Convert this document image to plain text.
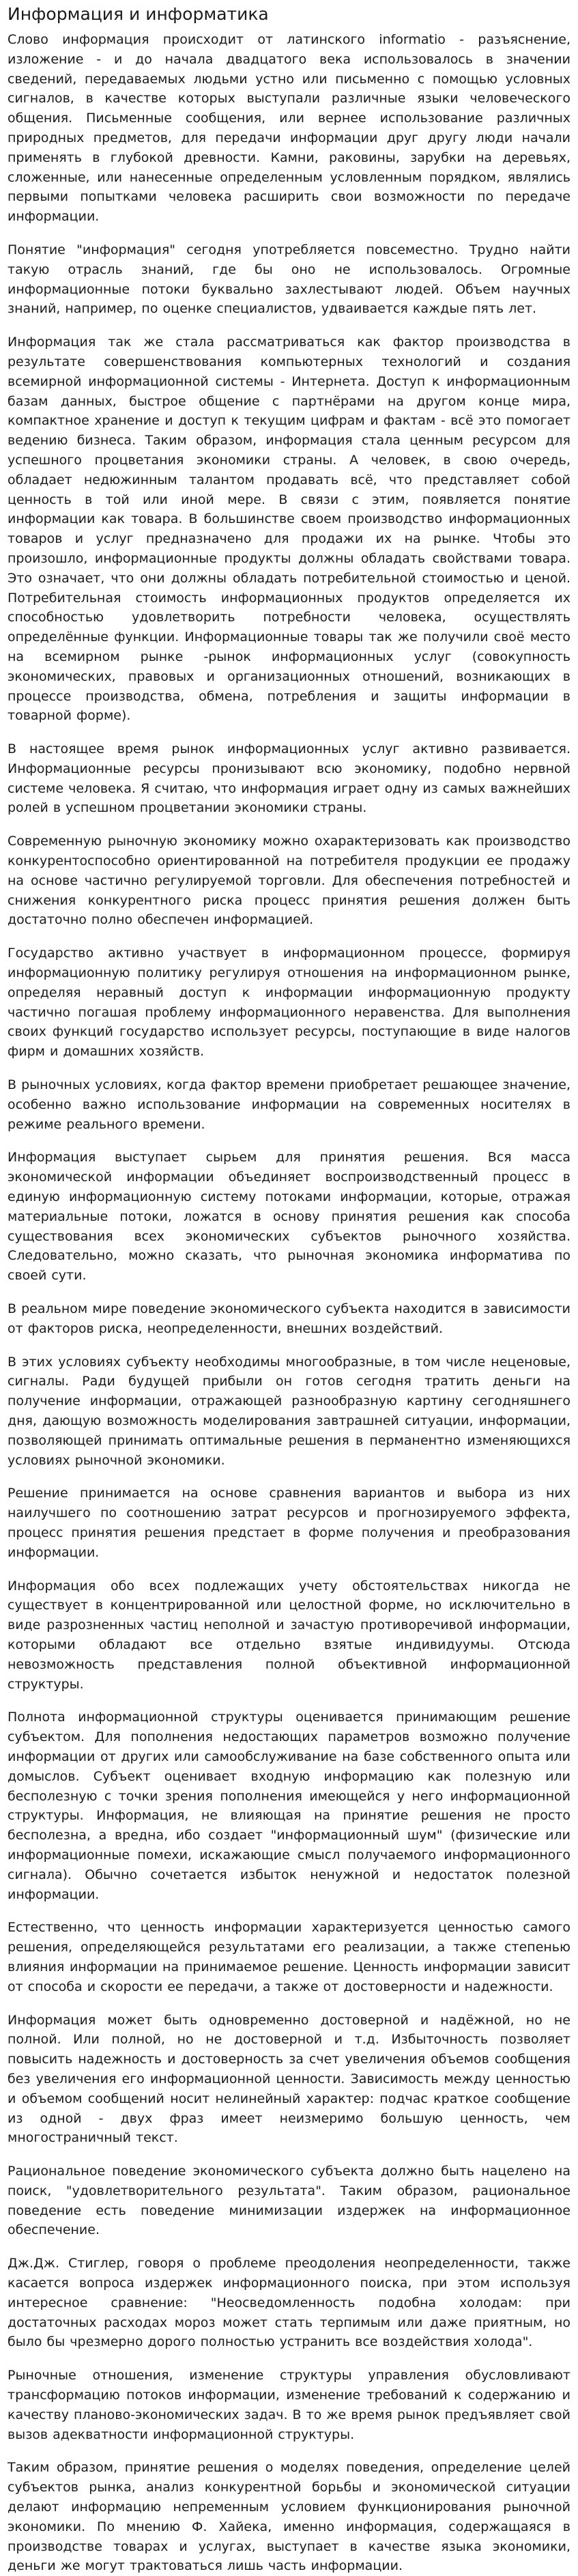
Информация и информатика

Слово информация происходит от латинского informatio - разъяснение, изложение - и до начала двадцатого века использовалось в значении сведений, передаваемых людьми устно или письменно с помощью условных сигналов, в качестве которых выступали различные языки человеческого общения. Письменные сообщения, или вернее использование различных природных предметов, для передачи информации друг другу люди начали применять в глубокой древности. Камни, раковины, зарубки на деревьях, сложенные, или нанесенные определенным условленным порядком, являлись первыми попытками человека расширить свои возможности по передаче информации.

Понятие "информация" сегодня употребляется повсеместно. Трудно найти такую отрасль знаний, где бы оно не использовалось. Огромные информационные потоки буквально захлестывают людей. Объем научных знаний, например, по оценке специалистов, удваивается каждые пять лет.

Информация так же стала рассматриваться как фактор производства в результате совершенствования компьютерных технологий и создания всемирной информационной системы - Интернета. Доступ к информационным базам данных, быстрое общение с партнёрами на другом конце мира, компактное хранение и доступ к текущим цифрам и фактам - всё это помогает ведению бизнеса. Таким образом, информация стала ценным ресурсом для успешного процветания экономики страны. А человек, в свою очередь, обладает недюжинным талантом продавать всё, что представляет собой ценность в той или иной мере. В связи с этим, появляется понятие информации как товара. В большинстве своем производство информационных товаров и услуг предназначено для продажи их на рынке. Чтобы это произошло, информационные продукты должны обладать свойствами товара. Это означает, что они должны обладать потребительной стоимостью и ценой. Потребительная стоимость информационных продуктов определяется их способностью удовлетворить потребности человека, осуществлять определённые функции. Информационные товары так же получили своё место на всемирном рынке -рынок информационных услуг (совокупность экономических, правовых и организационных отношений, возникающих в процессе производства, обмена, потребления и защиты информации в товарной форме).

В настоящее время рынок информационных услуг активно развивается. Информационные ресурсы пронизывают всю экономику, подобно нервной системе человека. Я считаю, что информация играет одну из самых важнейших ролей в успешном процветании экономики страны.

Современную рыночную экономику можно охарактеризовать как производство конкурентоспособно ориентированной на потребителя продукции ее продажу на основе частично регулируемой торговли. Для обеспечения потребностей и снижения конкурентного риска процесс принятия решения должен быть достаточно полно обеспечен информацией.

Государство активно участвует в информационном процессе, формируя информационную политику регулируя отношения на информационном рынке, определяя неравный доступ к информации информационную продукту частично погашая проблему информационного неравенства. Для выполнения своих функций государство использует ресурсы, поступающие в виде налогов фирм и домашних хозяйств.

В рыночных условиях, когда фактор времени приобретает решающее значение, особенно важно использование информации на современных носителях в режиме реального времени.

Информация выступает сырьем для принятия решения. Вся масса экономической информации объединяет воспроизводственный процесс в единую информационную систему потоками информации, которые, отражая материальные потоки, ложатся в основу принятия решения как способа существования всех экономических субъектов рыночного хозяйства. Следовательно, можно сказать, что рыночная экономика информатива по своей сути.

В реальном мире поведение экономического субъекта находится в зависимости от факторов риска, неопределенности, внешних воздействий.

В этих условиях субъекту необходимы многообразные, в том числе неценовые, сигналы. Ради будущей прибыли он готов сегодня тратить деньги на получение информации, отражающей разнообразную картину сегодняшнего дня, дающую возможность моделирования завтрашней ситуации, информации, позволяющей принимать оптимальные решения в перманентно изменяющихся условиях рыночной экономики.

Решение принимается на основе сравнения вариантов и выбора из них наилучшего по соотношению затрат ресурсов и прогнозируемого эффекта, процесс принятия решения предстает в форме получения и преобразования информации.

Информация обо всех подлежащих учету обстоятельствах никогда не существует в концентрированной или целостной форме, но исключительно в виде разрозненных частиц неполной и зачастую противоречивой информации, которыми обладают все отдельно взятые индивидуумы. Отсюда невозможность представления полной объективной информационной структуры.

Полнота информационной структуры оценивается принимающим решение субъектом. Для пополнения недостающих параметров возможно получение информации от других или самообслуживание на базе собственного опыта или домыслов. Субъект оценивает входную информацию как полезную или бесполезную с точки зрения пополнения имеющейся у него информационной структуры. Информация, не влияющая на принятие решения не просто бесполезна, а вредна, ибо создает "информационный шум" (физические или информационные помехи, искажающие смысл получаемого информационного сигнала). Обычно сочетается избыток ненужной и недостаток полезной информации.

Естественно, что ценность информации характеризуется ценностью самого решения, определяющейся результатами его реализации, а также степенью влияния информации на принимаемое решение. Ценность информации зависит от способа и скорости ее передачи, а также от достоверности и надежности.

Информация может быть одновременно достоверной и надёжной, но не полной. Или полной, но не достоверной и т.д. Избыточность позволяет повысить надежность и достоверность за счет увеличения объемов сообщения без увеличения его информационной ценности. Зависимость между ценностью и объемом сообщений носит нелинейный характер: подчас краткое сообщение из одной - двух фраз имеет неизмеримо большую ценность, чем многостраничный текст.

Рациональное поведение экономического субъекта должно быть нацелено на поиск, "удовлетворительного результата". Таким образом, рациональное поведение есть поведение минимизации издержек на информационное обеспечение.

Дж.Дж. Стиглер, говоря о проблеме преодоления неопределенности, также касается вопроса издержек информационного поиска, при этом используя интересное сравнение: "Неосведомленность подобна холодам: при достаточных расходах мороз может стать терпимым или даже приятным, но было бы чрезмерно дорого полностью устранить все воздействия холода".

Рыночные отношения, изменение структуры управления обусловливают трансформацию потоков информации, изменение требований к содержанию и качеству планово-экономических задач. В то же время рынок предъявляет свой вызов адекватности информационной структуры.

Таким образом, принятие решения о моделях поведения, определение целей субъектов рынка, анализ конкурентной борьбы и экономической ситуации делают информацию непременным условием функционирования рыночной экономики. По мнению Ф. Хайека, именно информация, содержащаяся в производстве товарах и услугах, выступает в качестве языка экономики, деньги же могут трактоваться лишь часть информации.
